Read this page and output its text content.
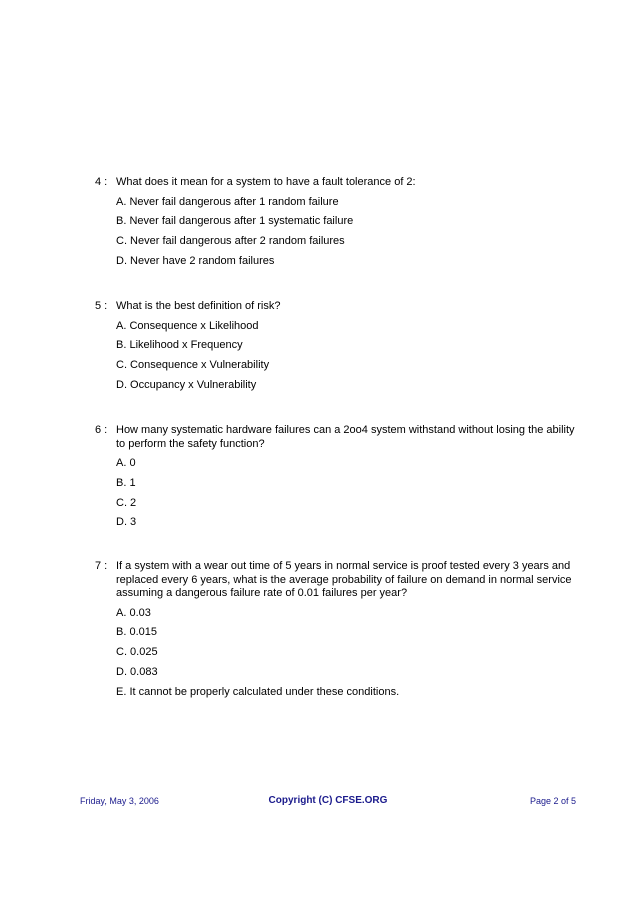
4 : What does it mean for a system to have a fault tolerance of 2:
A. Never fail dangerous after 1 random failure
B. Never fail dangerous after 1 systematic failure
C. Never fail dangerous after 2 random failures
D. Never have 2 random failures
5 : What is the best definition of risk?
A. Consequence x Likelihood
B. Likelihood x Frequency
C. Consequence x Vulnerability
D. Occupancy x Vulnerability
6 : How many systematic hardware failures can a 2oo4 system withstand without losing the ability to perform the safety function?
A. 0
B. 1
C. 2
D. 3
7 : If a system with a wear out time of 5 years in normal service is proof tested every 3 years and replaced every 6 years, what is the average probability of failure on demand in normal service assuming a dangerous failure rate of 0.01 failures per year?
A. 0.03
B. 0.015
C. 0.025
D. 0.083
E. It cannot be properly calculated under these conditions.
Friday, May 3, 2006	Copyright (C) CFSE.ORG	Page 2 of 5
